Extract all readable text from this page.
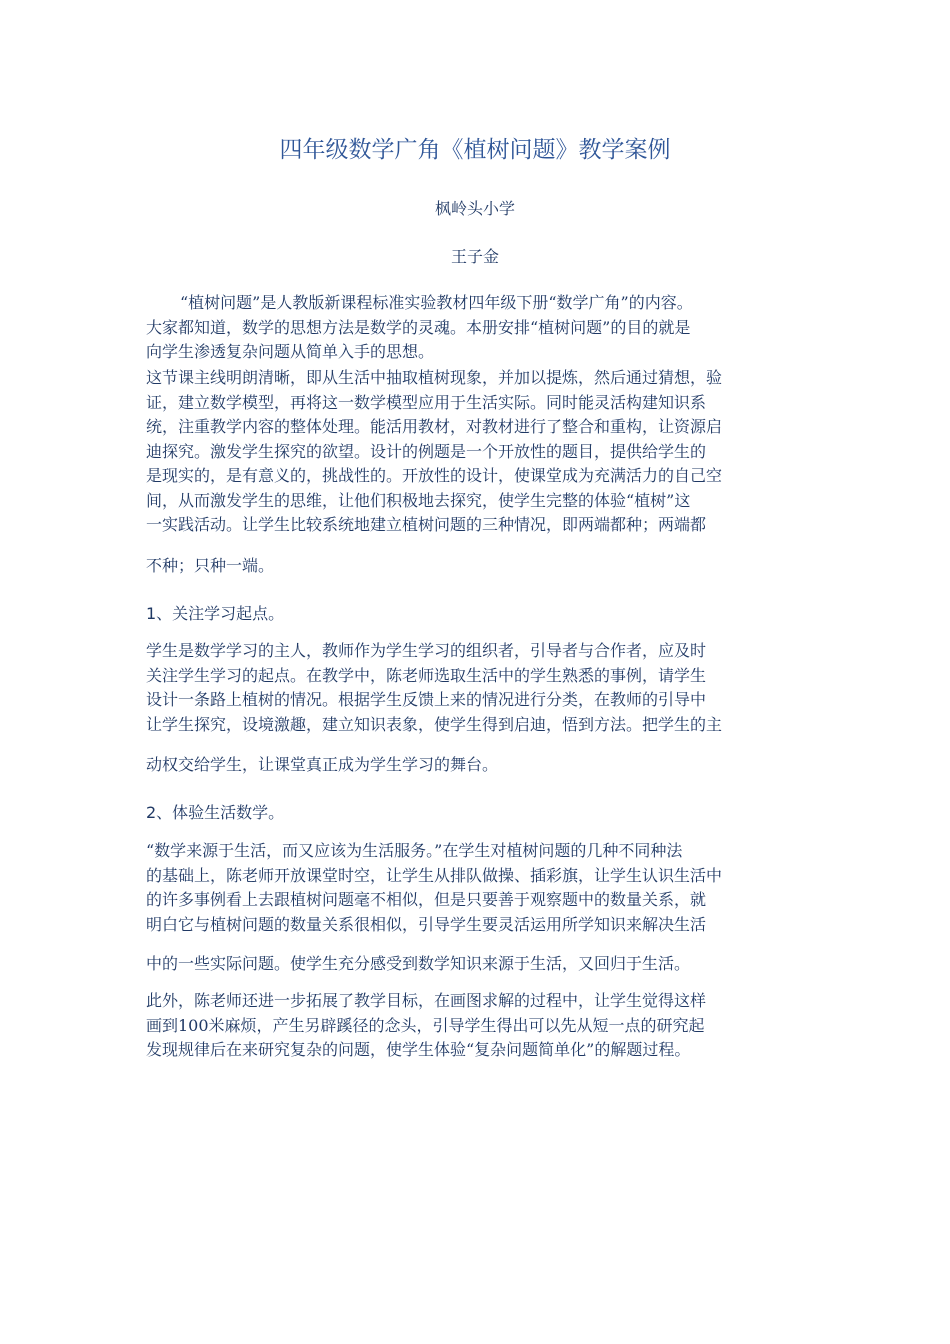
四年级数学广角《植树问题》教学案例
枫岭头小学
王子金
“植树问题”是人教版新课程标准实验教材四年级下册“数学广角”的内容。
大家都知道，数学的思想方法是数学的灵魂。本册安排“植树问题”的目的就是
向学生渗透复杂问题从简单入手的思想。
这节课主线明朗清晰，即从生活中抽取植树现象，并加以提炼，然后通过猜想，验
证，建立数学模型，再将这一数学模型应用于生活实际。同时能灵活构建知识系
统，注重教学内容的整体处理。能活用教材，对教材进行了整合和重构，让资源启
迪探究。激发学生探究的欲望。设计的例题是一个开放性的题目，提供给学生的
是现实的，是有意义的，挑战性的。开放性的设计，使课堂成为充满活力的自己空
间，从而激发学生的思维，让他们积极地去探究，使学生完整的体验“植树”这
一实践活动。让学生比较系统地建立植树问题的三种情况，即两端都种；两端都
不种；只种一端。
1、关注学习起点。
学生是数学学习的主人，教师作为学生学习的组织者，引导者与合作者，应及时
关注学生学习的起点。在教学中，陈老师选取生活中的学生熟悉的事例，请学生
设计一条路上植树的情况。根据学生反馈上来的情况进行分类，在教师的引导中
让学生探究，设境激趣，建立知识表象，使学生得到启迪，悟到方法。把学生的主
动权交给学生，让课堂真正成为学生学习的舞台。
2、体验生活数学。
“数学来源于生活，而又应该为生活服务。”在学生对植树问题的几种不同种法
的基础上，陈老师开放课堂时空，让学生从排队做操、插彩旗，让学生认识生活中
的许多事例看上去跟植树问题毫不相似，但是只要善于观察题中的数量关系，就
明白它与植树问题的数量关系很相似，引导学生要灵活运用所学知识来解决生活
中的一些实际问题。使学生充分感受到数学知识来源于生活，又回归于生活。
此外，陈老师还进一步拓展了教学目标，在画图求解的过程中，让学生觉得这样
画到100米麻烦，产生另辟蹊径的念头，引导学生得出可以先从短一点的研究起
发现规律后在来研究复杂的问题，使学生体验“复杂问题简单化”的解题过程。
